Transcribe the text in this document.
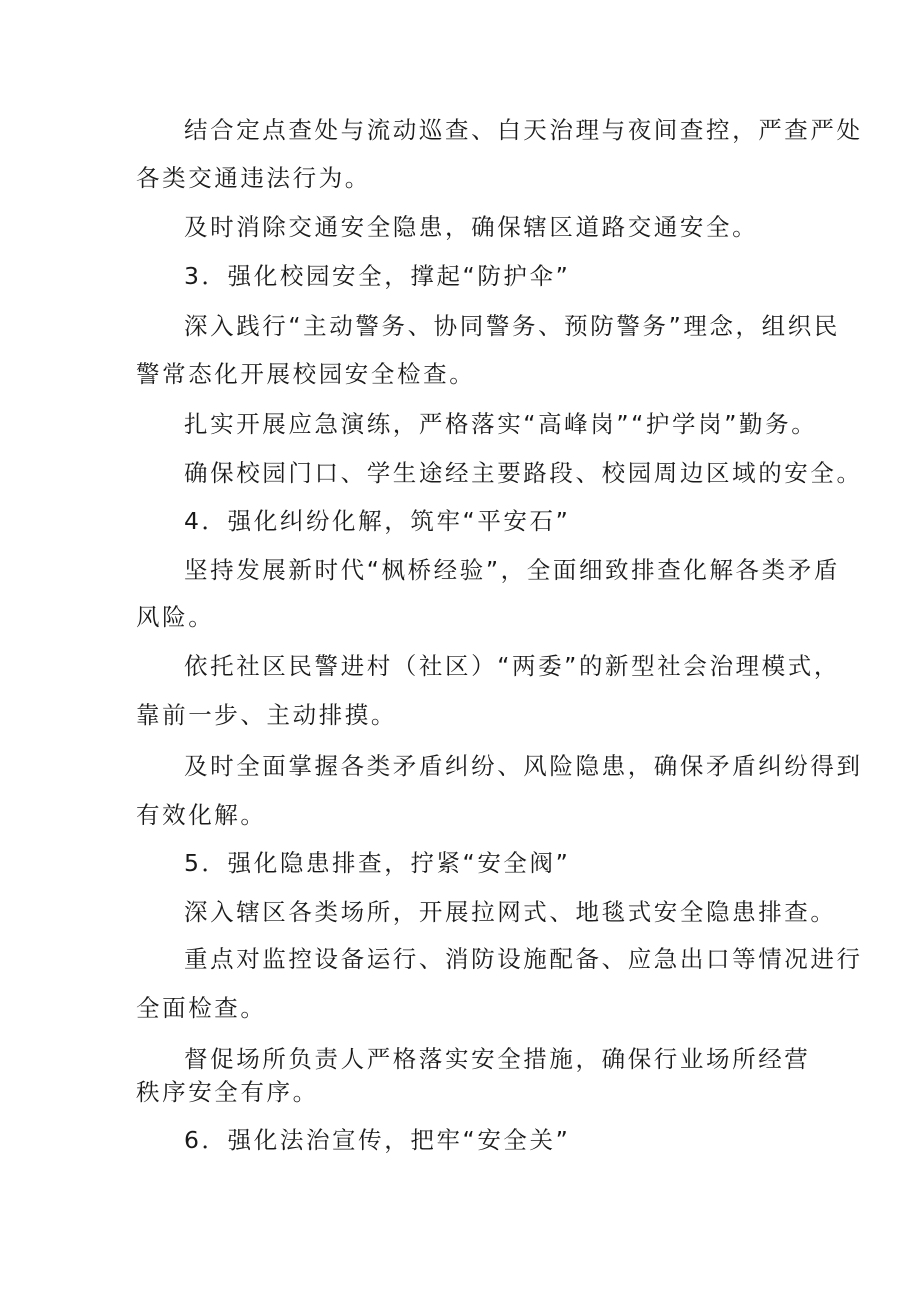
结合定点查处与流动巡查、白天治理与夜间查控，严查严处
各类交通违法行为。
及时消除交通安全隐患，确保辖区道路交通安全。
3．强化校园安全，撑起“防护伞”
深入践行“主动警务、协同警务、预防警务”理念，组织民
警常态化开展校园安全检查。
扎实开展应急演练，严格落实“高峰岗”“护学岗”勤务。
确保校园门口、学生途经主要路段、校园周边区域的安全。
4．强化纠纷化解，筑牢“平安石”
坚持发展新时代“枫桥经验”，全面细致排查化解各类矛盾
风险。
依托社区民警进村（社区）“两委”的新型社会治理模式，
靠前一步、主动排摸。
及时全面掌握各类矛盾纠纷、风险隐患，确保矛盾纠纷得到
有效化解。
5．强化隐患排查，拧紧“安全阀”
深入辖区各类场所，开展拉网式、地毯式安全隐患排查。
重点对监控设备运行、消防设施配备、应急出口等情况进行
全面检查。
督促场所负责人严格落实安全措施，确保行业场所经营
秩序安全有序。
6．强化法治宣传，把牢“安全关”
